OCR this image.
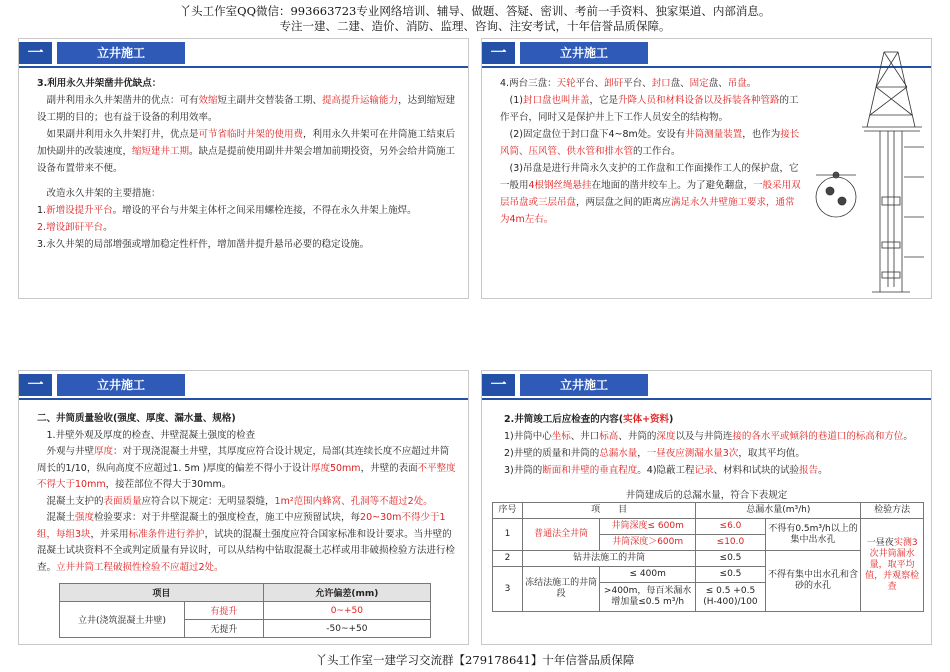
丫头工作室QQ微信：993663723专业网络培训、辅导、做题、答疑、密训、考前一手资料、独家渠道、内部消息。
专注一建、二建、造价、消防、监理、咨询、注安考试，十年信誉品质保障。
一	立井施工

3.利用永久井架凿井优缺点：

副井利用永久井架凿井的优点：可有效缩短主副井交替装备工期、提高提升运输能力，达到缩短建设工期的目的；也有益于设备的利用效率。

如果副井利用永久井架打井，优点是可节省临时井架的使用费，利用永久井架可在井筒施工结束后加快副井的改装速度，缩短建井工期。缺点是提前使用副井井架会增加前期投资，另外会给井筒施工设备布置带来不便。

改造永久井架的主要措施：

1.新增设提升平台。增设的平台与井架主体杆之间采用螺栓连接，不得在永久井架上施焊。

2.增设卸矸平台。

3.永久井架的局部增强或增加稳定性杆件，增加凿井提升悬吊必要的稳定设施。

一	立井施工

4.两台三盘：天轮平台、卸矸平台、封口盘、固定盘、吊盘。

(1)封口盘也叫井盖，它是升降人员和材料设备以及拆装各种管路的工作平台，同时又是保护井上下工作人员安全的结构物。

(2)固定盘位于封口盘下4~8m处。安设有井筒测量装置，也作为接长风筒、压风管、供水管和排水管的工作台。

(3)吊盘是进行井筒永久支护的工作盘和工作面操作工人的保护盘，它一般用4根钢丝绳悬挂在地面的凿井绞车上。为了避免翻盘，一般采用双层吊盘或三层吊盘，两层盘之间的距离应满足永久井壁施工要求，通常为4m左右。

一	立井施工

二、井筒质量验收(强度、厚度、漏水量、规格)

1.井壁外观及厚度的检查、井壁混凝土强度的检查

外观与井壁厚度：对于现浇混凝土井壁，其厚度应符合设计规定，局部(其连续长度不应超过井筒周长的1/10，纵向高度不应超过1. 5m )厚度的偏差不得小于设计厚度50mm，井壁的表面不平整度不得大于10mm，接茬部位不得大于30mm。

混凝土支护的表面质量应符合以下规定：无明显裂缝，1m²范围内蜂窝、孔洞等不超过2处。

混凝土强度检验要求：对于井壁混凝土的强度检查，施工中应预留试块，每20~30m不得少于1组，每组3块，并采用标准条件进行养护，试块的混凝土强度应符合国家标准和设计要求。当井壁的混凝土试块资料不全或判定质量有异议时，可以从结构中钻取混凝土芯样或用非破损检验方法进行检查。立井井筒工程破损性检验不应超过2处。

项目		允许偏差(mm)
立井(浇筑混凝土井壁)	有提升	0~+50
	无提升	-50~+50
一	立井施工

2.井筒竣工后应检查的内容(实体+资料)

1)井筒中心坐标、井口标高、井筒的深度以及与井筒连接的各水平或倾斜的巷道口的标高和方位。

2)井壁的质量和井筒的总漏水量，一昼夜应测漏水量3次，取其平均值。

3)井筒的断面和井壁的垂直程度。4)隐蔽工程记录、材料和试块的试验报告。

井筒建成后的总漏水量，符合下表规定
序号	项　　目		总漏水量(m³/h)		检验方法
1	普通法全井筒	井筒深度≤ 600m	≤6.0	不得有0.5m³/h以上的集中出水孔	一昼夜实测3次井筒漏水量，取平均值，并观察检查
		井筒深度＞600m	≤10.0		
2	钻井法施工的井筒		≤0.5	不得有集中出水孔和含砂的水孔	
3	冻结法施工的井筒段	≤ 400m	≤0.5		
		>400m，每百米漏水增加量≤0.5 m³/h	≤ 0.5 +0.5 (H-400)/100		
丫头工作室一建学习交流群【279178641】十年信誉品质保障
